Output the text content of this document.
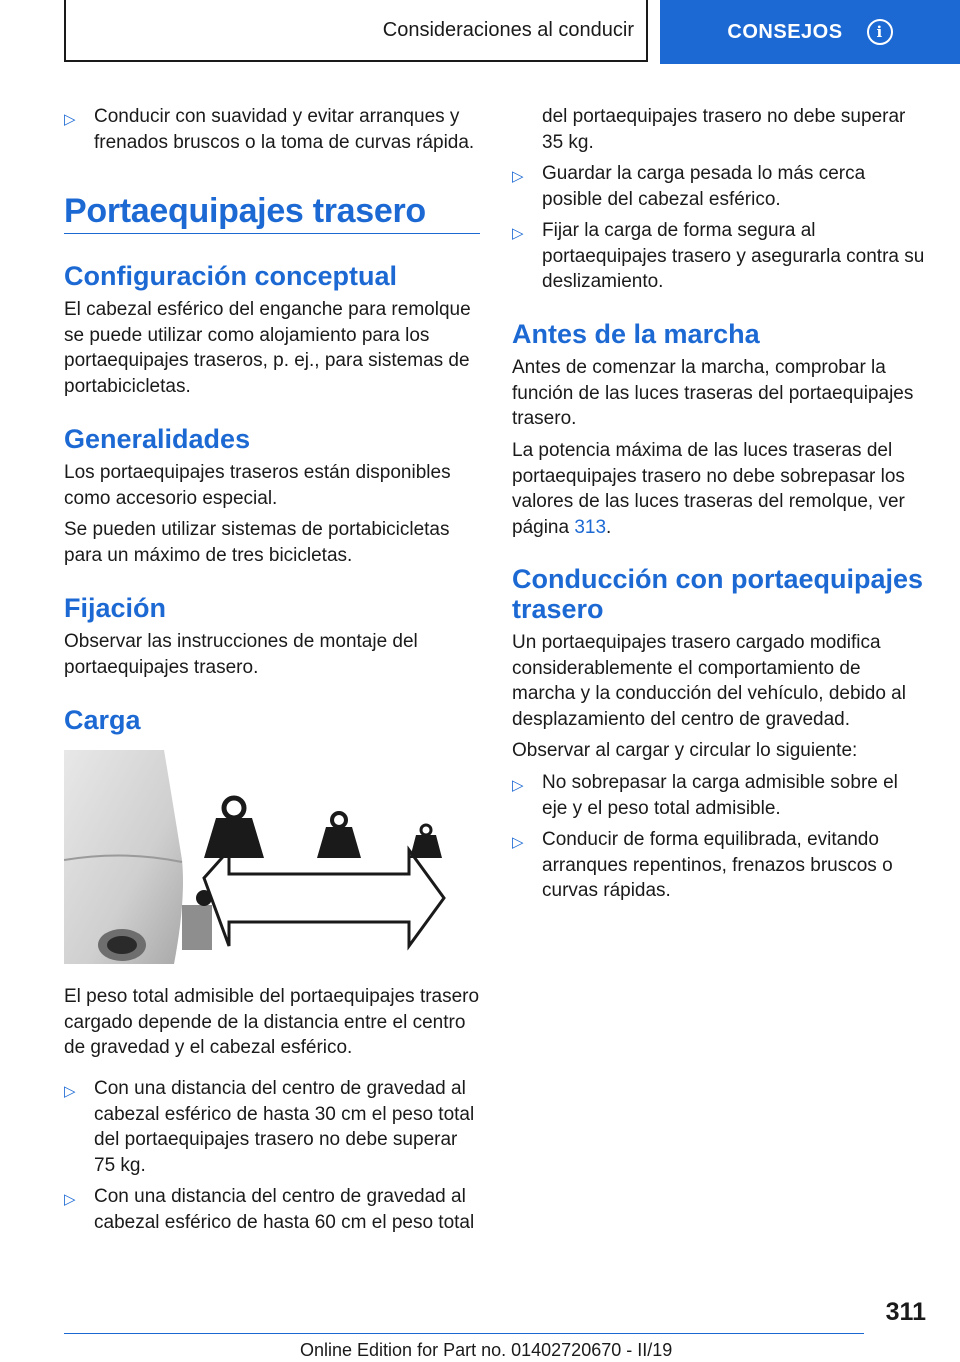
Consideraciones al conducir	CONSEJOS	i
▷ Conducir con suavidad y evitar arranques y frenados bruscos o la toma de curvas rápida.
Portaequipajes trasero
Configuración conceptual

El cabezal esférico del enganche para remolque se puede utilizar como alojamiento para los portaequipajes traseros, p. ej., para sistemas de portabicicletas.

Generalidades

Los portaequipajes traseros están disponibles como accesorio especial.

Se pueden utilizar sistemas de portabicicletas para un máximo de tres bicicletas.

Fijación

Observar las instrucciones de montaje del portaequipajes trasero.

Carga

El peso total admisible del portaequipajes trasero cargado depende de la distancia entre el centro de gravedad y el cabezal esférico.

▷ Con una distancia del centro de gravedad al cabezal esférico de hasta 30 cm el peso total del portaequipajes trasero no debe superar 75 kg.
▷ Con una distancia del centro de gravedad al cabezal esférico de hasta 60 cm el peso total

del portaequipajes trasero no debe superar 35 kg.

▷ Guardar la carga pesada lo más cerca posible del cabezal esférico.
▷ Fijar la carga de forma segura al portaequipajes trasero y asegurarla contra su deslizamiento.
Antes de la marcha

Antes de comenzar la marcha, comprobar la función de las luces traseras del portaequipajes trasero.

La potencia máxima de las luces traseras del portaequipajes trasero no debe sobrepasar los valores de las luces traseras del remolque, ver página 313.

Conducción con portaequipajes
trasero

Un portaequipajes trasero cargado modifica considerablemente el comportamiento de marcha y la conducción del vehículo, debido al desplazamiento del centro de gravedad.

Observar al cargar y circular lo siguiente:

▷ No sobrepasar la carga admisible sobre el eje y el peso total admisible.
▷ Conducir de forma equilibrada, evitando arranques repentinos, frenazos bruscos o curvas rápidas.
311
Online Edition for Part no. 01402720670 - II/19
